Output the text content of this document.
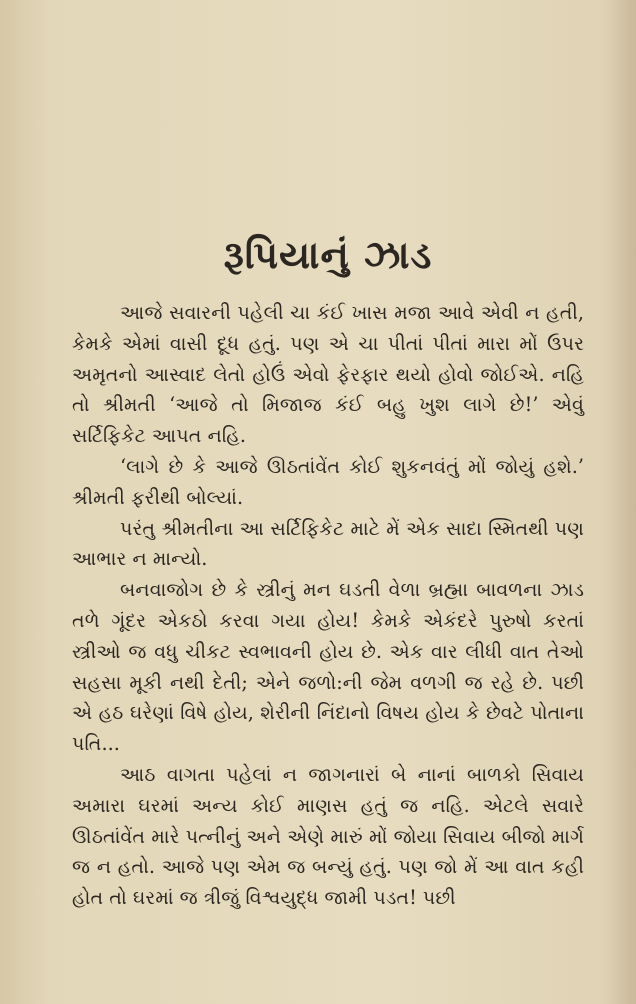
રૂપિયાનું ઝાડ

આજે સવારની પહેલી ચા કંઈ ખાસ મજા આવે એવી ન હતી, કેમકે એમાં વાસી દૂધ હતું. પણ એ ચા પીતાં પીતાં મારા મોં ઉપર અમૃતનો આસ્વાદ લેતો હોઉં એવો ફેરફાર થયો હોવો જોઈએ. નહિ તો શ્રીમતી ‘આજે તો મિજાજ કંઈ બહુ ખુશ લાગે છે!’ એવું સર્ટિફિકેટ આપત નહિ.

‘લાગે છે કે આજે ઊઠતાંવેંત કોઈ શુકનવંતું મોં જોયું હશે.’ શ્રીમતી ફરીથી બોલ્યાં.

પરંતુ શ્રીમતીના આ સર્ટિફિકેટ માટે મેં એક સાદા સ્મિતથી પણ આભાર ન માન્યો.

બનવાજોગ છે કે સ્ત્રીનું મન ઘડતી વેળા બ્રહ્મા બાવળના ઝાડ તળે ગૂંદર એકઠો કરવા ગયા હોય! કેમકે એકંદરે પુરુષો કરતાં સ્ત્રીઓ જ વધુ ચીકટ સ્વભાવની હોય છે. એક વાર લીધી વાત તેઓ સહસા મૂકી નથી દેતી; એને જળો:ની જેમ વળગી જ રહે છે. પછી એ હઠ ઘરેણાં વિષે હોય, શેરીની નિંદાનો વિષય હોય કે છેવટે પોતાના પતિ...

આઠ વાગતા પહેલાં ન જાગનારાં બે નાનાં બાળકો સિવાય અમારા ઘરમાં અન્ય કોઈ માણસ હતું જ નહિ. એટલે સવારે ઊઠતાંવેંત મારે પત્નીનું અને એણે મારું મોં જોયા સિવાય બીજો માર્ગ જ ન હતો. આજે પણ એમ જ બન્યું હતું. પણ જો મેં આ વાત કહી હોત તો ઘરમાં જ ત્રીજું વિશ્વયુદ્ધ જામી પડત! પછી
